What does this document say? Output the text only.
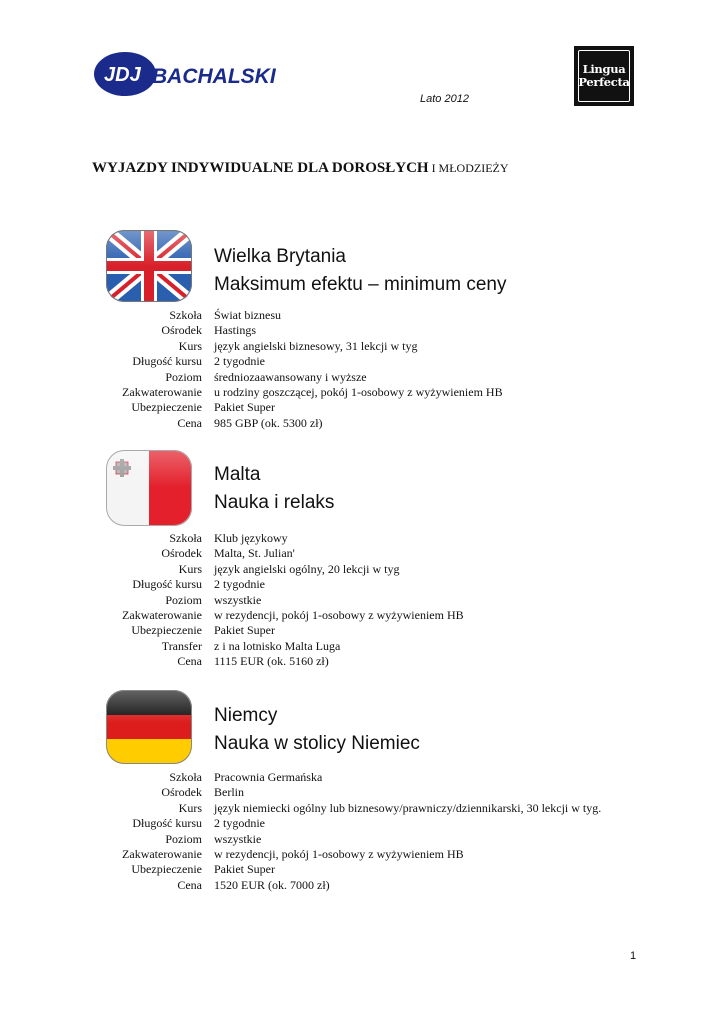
JDJ BACHALSKI	Lingua
Perfecta
Lato 2012
WYJAZDY INDYWIDUALNE DLA DOROSŁYCH I MŁODZIEŻY
Wielka Brytania
Maksimum efektu – minimum ceny
Szkoła	Świat biznesu
Ośrodek	Hastings
Kurs	język angielski biznesowy, 31 lekcji w tyg
Długość kursu	2 tygodnie
Poziom	średniozaawansowany i wyższe
Zakwaterowanie	u rodziny goszczącej, pokój 1-osobowy z wyżywieniem HB
Ubezpieczenie	Pakiet Super
Cena	985 GBP (ok. 5300 zł)
Malta
Nauka i relaks
Szkoła	Klub językowy
Ośrodek	Malta, St. Julian'
Kurs	język angielski ogólny, 20 lekcji w tyg
Długość kursu	2 tygodnie
Poziom	wszystkie
Zakwaterowanie	w rezydencji, pokój 1-osobowy z wyżywieniem HB
Ubezpieczenie	Pakiet Super
Transfer	z i na lotnisko Malta Luga
Cena	1115 EUR (ok. 5160 zł)
Niemcy
Nauka w stolicy Niemiec
Szkoła	Pracownia Germańska
Ośrodek	Berlin
Kurs	język niemiecki ogólny lub biznesowy/prawniczy/dziennikarski, 30 lekcji w tyg.
Długość kursu	2 tygodnie
Poziom	wszystkie
Zakwaterowanie	w rezydencji, pokój 1-osobowy z wyżywieniem HB
Ubezpieczenie	Pakiet Super
Cena	1520 EUR (ok. 7000 zł)
1
